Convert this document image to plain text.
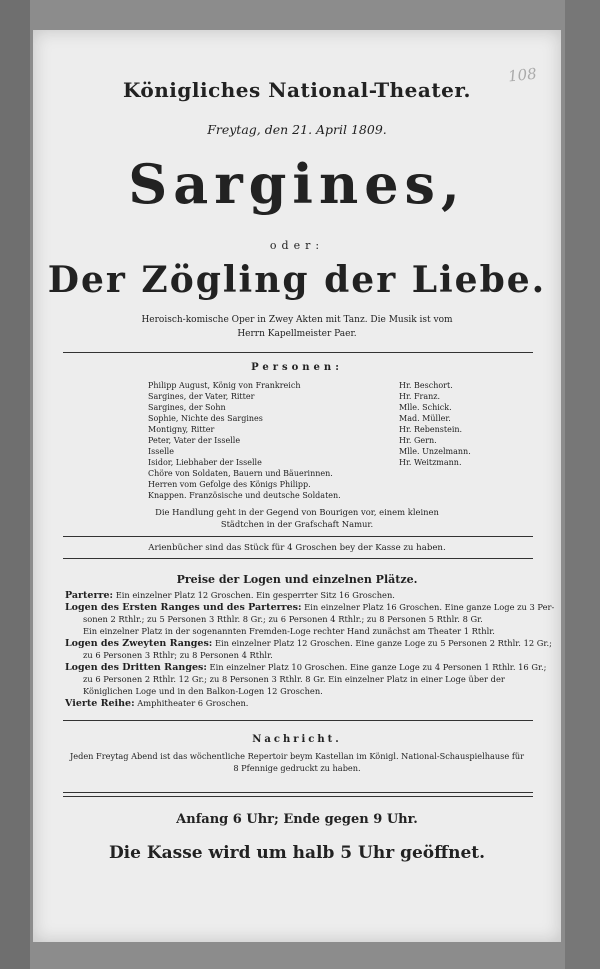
108
Königliches National-Theater.
Freytag, den 21. April 1809.
Sargines,
oder:
Der Zögling der Liebe.
Heroisch-komische Oper in Zwey Akten mit Tanz. Die Musik ist vom
Herrn Kapellmeister Paer.
Personen:
Philipp August, König von Frankreich	Hr. Beschort.
Sargines, der Vater, Ritter	Hr. Franz.
Sargines, der Sohn	Mlle. Schick.
Sophie, Nichte des Sargines	Mad. Müller.
Montigny, Ritter	Hr. Rebenstein.
Peter, Vater der Isselle	Hr. Gern.
Isselle	Mlle. Unzelmann.
Isidor, Liebhaber der Isselle	Hr. Weitzmann.
Chöre von Soldaten, Bauern und Bäuerinnen.
Herren vom Gefolge des Königs Philipp.
Knappen. Französische und deutsche Soldaten.
Die Handlung geht in der Gegend von Bourigen vor, einem kleinen
Städtchen in der Grafschaft Namur.
Arienbücher sind das Stück für 4 Groschen bey der Kasse zu haben.
Preise der Logen und einzelnen Plätze.
Parterre: Ein einzelner Platz 12 Groschen. Ein gesperrter Sitz 16 Groschen.
Logen des Ersten Ranges und des Parterres: Ein einzelner Platz 16 Groschen. Eine ganze Loge zu 3 Per-
sonen 2 Rthlr.; zu 5 Personen 3 Rthlr. 8 Gr.; zu 6 Personen 4 Rthlr.; zu 8 Personen 5 Rthlr. 8 Gr.
Ein einzelner Platz in der sogenannten Fremden-Loge rechter Hand zunächst am Theater 1 Rthlr.
Logen des Zweyten Ranges: Ein einzelner Platz 12 Groschen. Eine ganze Loge zu 5 Personen 2 Rthlr. 12 Gr.;
zu 6 Personen 3 Rthlr; zu 8 Personen 4 Rthlr.
Logen des Dritten Ranges: Ein einzelner Platz 10 Groschen. Eine ganze Loge zu 4 Personen 1 Rthlr. 16 Gr.;
zu 6 Personen 2 Rthlr. 12 Gr.; zu 8 Personen 3 Rthlr. 8 Gr. Ein einzelner Platz in einer Loge über der
Königlichen Loge und in den Balkon-Logen 12 Groschen.
Vierte Reihe: Amphitheater 6 Groschen.
Nachricht.
Jeden Freytag Abend ist das wöchentliche Repertoir beym Kastellan im Königl. National-Schauspielhause für
8 Pfennige gedruckt zu haben.
Anfang 6 Uhr; Ende gegen 9 Uhr.
Die Kasse wird um halb 5 Uhr geöffnet.
